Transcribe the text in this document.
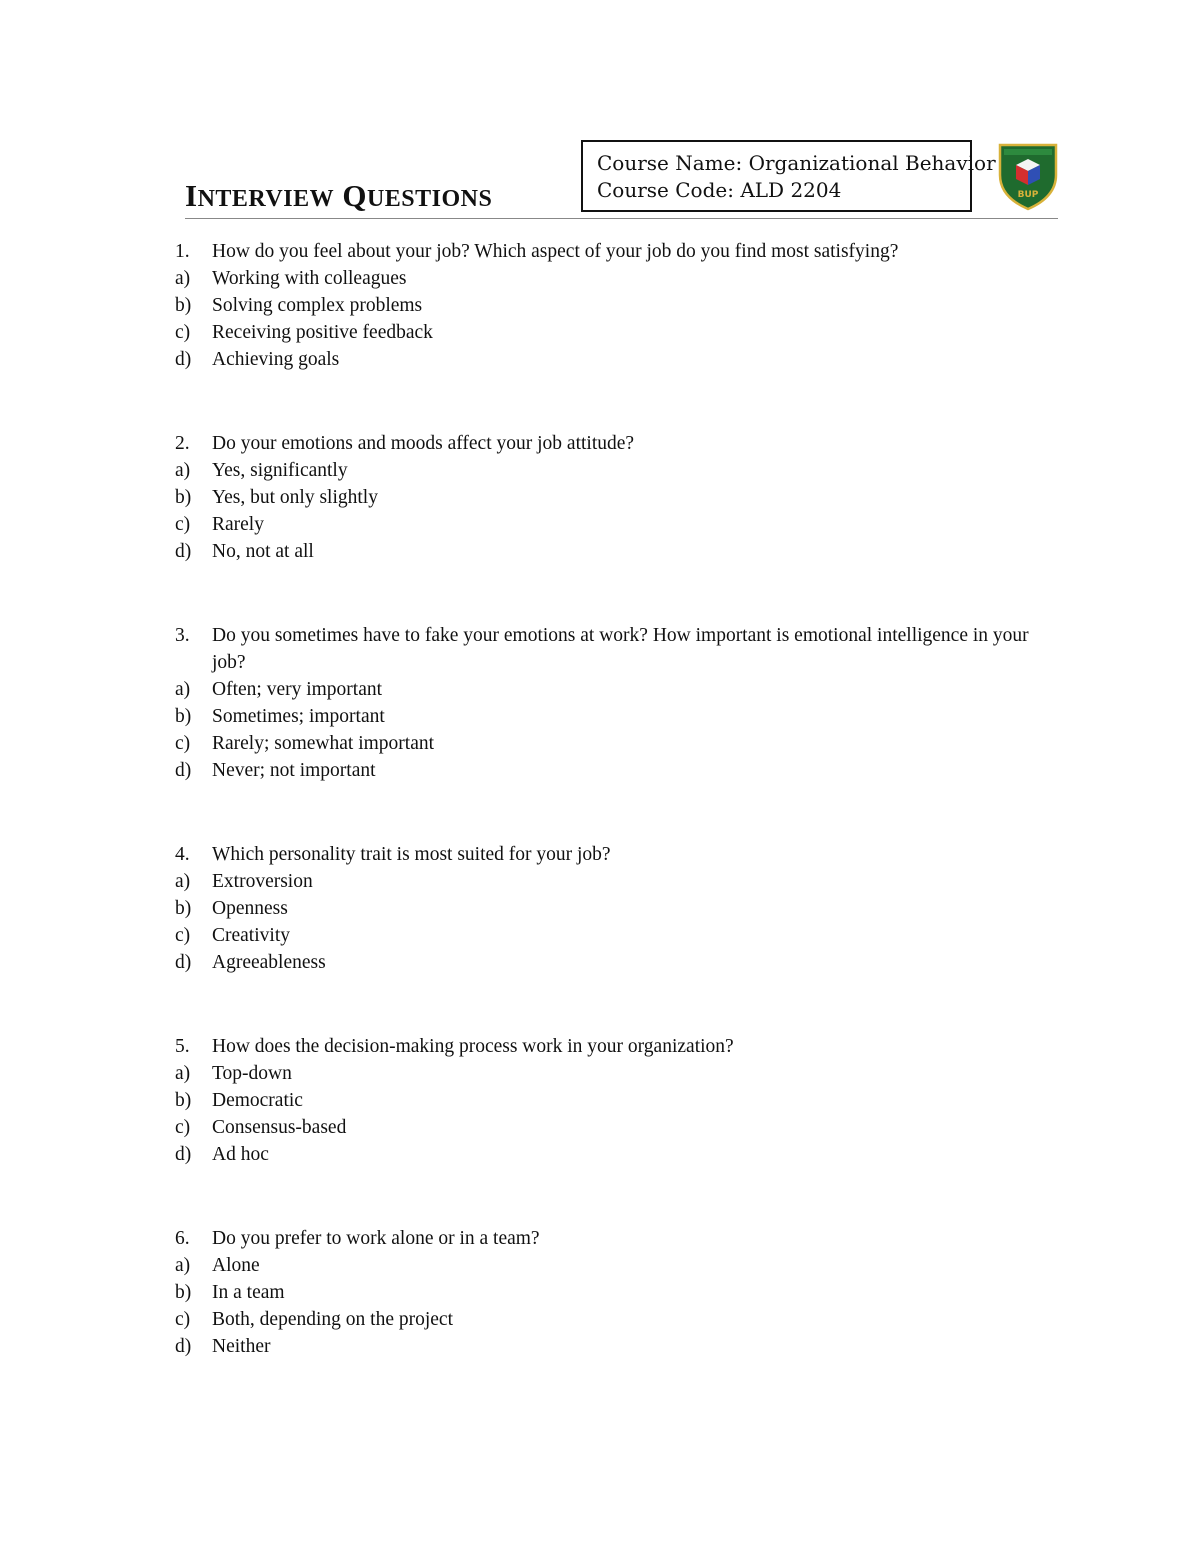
INTERVIEW QUESTIONS
Course Name: Organizational Behavior
Course Code: ALD 2204	BUP
1. How do you feel about your job? Which aspect of your job do you find most satisfying?
a) Working with colleagues
b) Solving complex problems
c) Receiving positive feedback
d) Achieving goals
2. Do your emotions and moods affect your job attitude?
a) Yes, significantly
b) Yes, but only slightly
c) Rarely
d) No, not at all
3. Do you sometimes have to fake your emotions at work? How important is emotional intelligence in your job?
a) Often; very important
b) Sometimes; important
c) Rarely; somewhat important
d) Never; not important
4. Which personality trait is most suited for your job?
a) Extroversion
b) Openness
c) Creativity
d) Agreeableness
5. How does the decision-making process work in your organization?
a) Top-down
b) Democratic
c) Consensus-based
d) Ad hoc
6. Do you prefer to work alone or in a team?
a) Alone
b) In a team
c) Both, depending on the project
d) Neither
